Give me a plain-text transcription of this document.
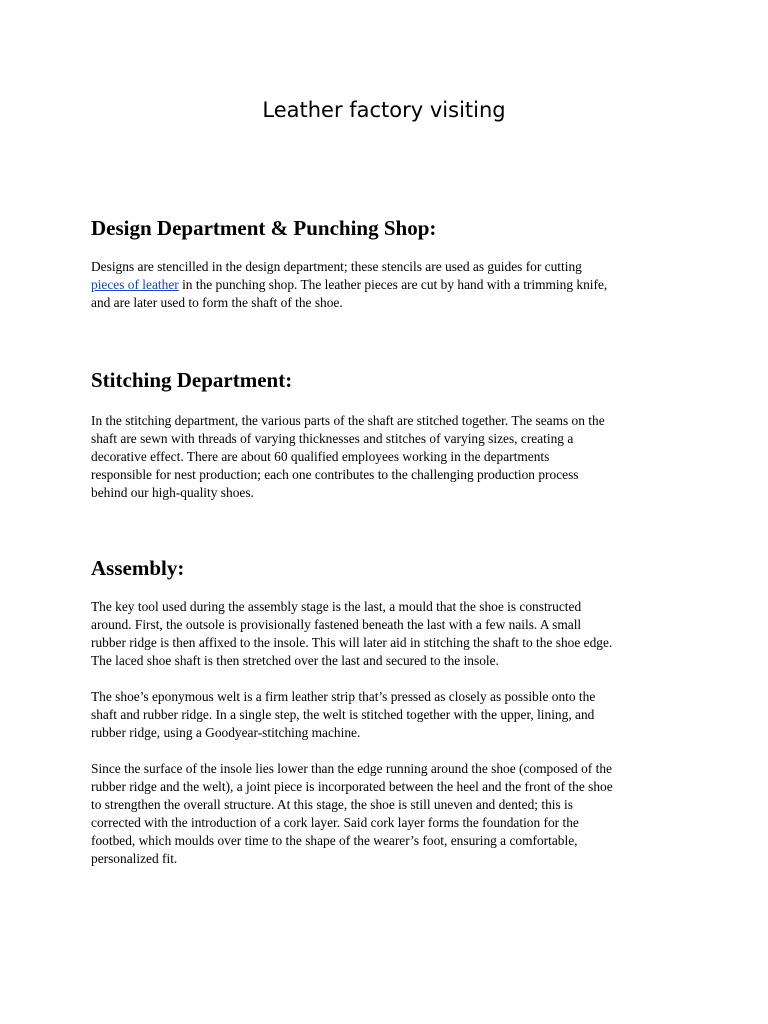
Leather factory visiting
Design Department & Punching Shop:

Designs are stencilled in the design department; these stencils are used as guides for cutting
pieces of leather in the punching shop. The leather pieces are cut by hand with a trimming knife,
and are later used to form the shaft of the shoe.

Stitching Department:

In the stitching department, the various parts of the shaft are stitched together. The seams on the
shaft are sewn with threads of varying thicknesses and stitches of varying sizes, creating a
decorative effect. There are about 60 qualified employees working in the departments
responsible for nest production; each one contributes to the challenging production process
behind our high-quality shoes.

Assembly:

The key tool used during the assembly stage is the last, a mould that the shoe is constructed
around. First, the outsole is provisionally fastened beneath the last with a few nails. A small
rubber ridge is then affixed to the insole. This will later aid in stitching the shaft to the shoe edge.
The laced shoe shaft is then stretched over the last and secured to the insole.

The shoe’s eponymous welt is a firm leather strip that’s pressed as closely as possible onto the
shaft and rubber ridge. In a single step, the welt is stitched together with the upper, lining, and
rubber ridge, using a Goodyear-stitching machine.

Since the surface of the insole lies lower than the edge running around the shoe (composed of the
rubber ridge and the welt), a joint piece is incorporated between the heel and the front of the shoe
to strengthen the overall structure. At this stage, the shoe is still uneven and dented; this is
corrected with the introduction of a cork layer. Said cork layer forms the foundation for the
footbed, which moulds over time to the shape of the wearer’s foot, ensuring a comfortable,
personalized fit.
